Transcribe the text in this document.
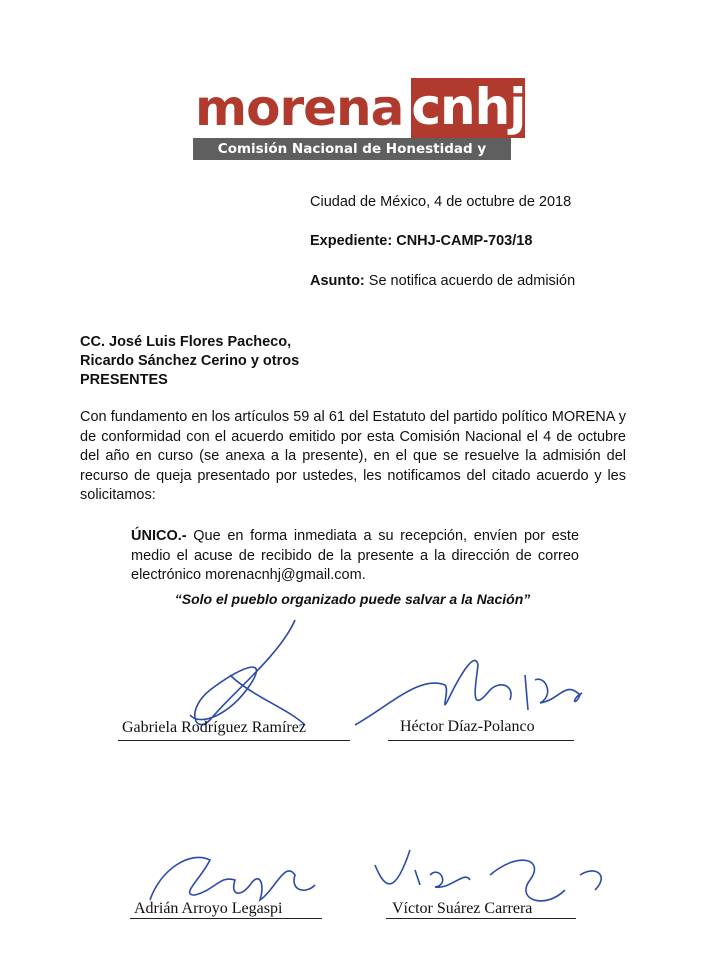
morena cnhj
Comisión Nacional de Honestidad y Justicia
Ciudad de México, 4 de octubre de 2018
Expediente: CNHJ-CAMP-703/18
Asunto: Se notifica acuerdo de admisión
CC. José Luis Flores Pacheco,
Ricardo Sánchez Cerino y otros
PRESENTES
Con fundamento en los artículos 59 al 61 del Estatuto del partido político MORENA y de conformidad con el acuerdo emitido por esta Comisión Nacional el 4 de octubre del año en curso (se anexa a la presente), en el que se resuelve la admisión del recurso de queja presentado por ustedes, les notificamos del citado acuerdo y les solicitamos:
ÚNICO.- Que en forma inmediata a su recepción, envíen por este medio el acuse de recibido de la presente a la dirección de correo electrónico morenacnhj@gmail.com.
“Solo el pueblo organizado puede salvar a la Nación”
Gabriela Rodríguez Ramírez	Héctor Díaz-Polanco
Adrián Arroyo Legaspi	Víctor Suárez Carrera
